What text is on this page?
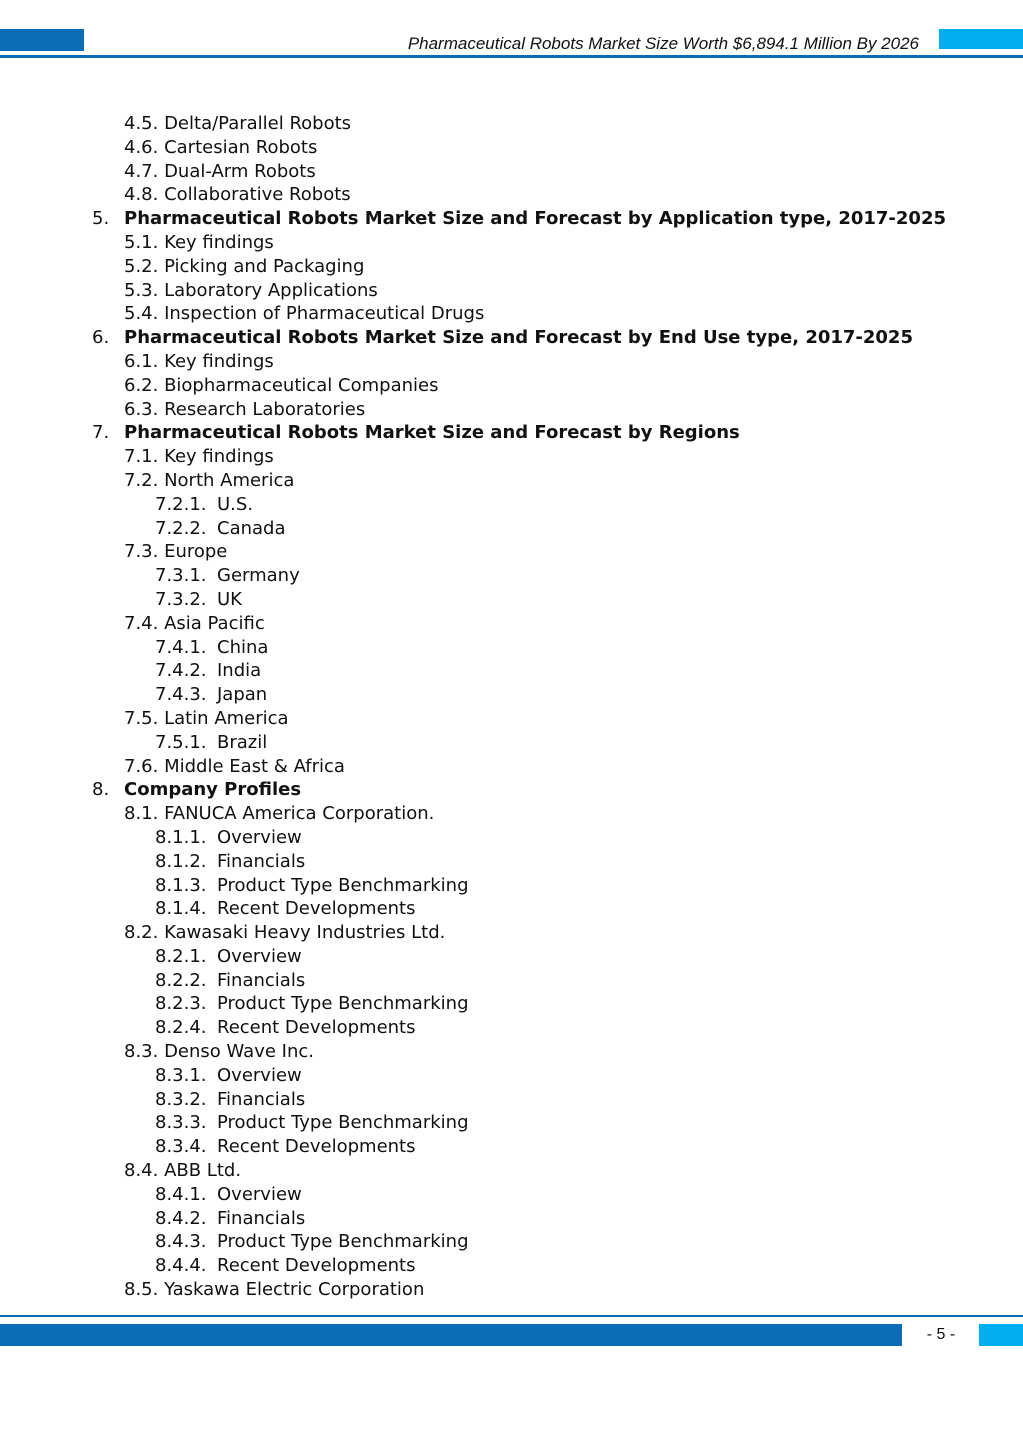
Pharmaceutical Robots Market Size Worth $6,894.1 Million By 2026
4.5. Delta/Parallel Robots
4.6. Cartesian Robots
4.7. Dual-Arm Robots
4.8. Collaborative Robots
5. Pharmaceutical Robots Market Size and Forecast by Application type, 2017-2025
5.1. Key findings
5.2. Picking and Packaging
5.3. Laboratory Applications
5.4. Inspection of Pharmaceutical Drugs
6. Pharmaceutical Robots Market Size and Forecast by End Use type, 2017-2025
6.1. Key findings
6.2. Biopharmaceutical Companies
6.3. Research Laboratories
7. Pharmaceutical Robots Market Size and Forecast by Regions
7.1. Key findings
7.2. North America
7.2.1. U.S.
7.2.2. Canada
7.3. Europe
7.3.1. Germany
7.3.2. UK
7.4. Asia Pacific
7.4.1. China
7.4.2. India
7.4.3. Japan
7.5. Latin America
7.5.1. Brazil
7.6. Middle East & Africa
8. Company Profiles
8.1. FANUCA America Corporation.
8.1.1. Overview
8.1.2. Financials
8.1.3. Product Type Benchmarking
8.1.4. Recent Developments
8.2. Kawasaki Heavy Industries Ltd.
8.2.1. Overview
8.2.2. Financials
8.2.3. Product Type Benchmarking
8.2.4. Recent Developments
8.3. Denso Wave Inc.
8.3.1. Overview
8.3.2. Financials
8.3.3. Product Type Benchmarking
8.3.4. Recent Developments
8.4. ABB Ltd.
8.4.1. Overview
8.4.2. Financials
8.4.3. Product Type Benchmarking
8.4.4. Recent Developments
8.5. Yaskawa Electric Corporation
- 5 -
